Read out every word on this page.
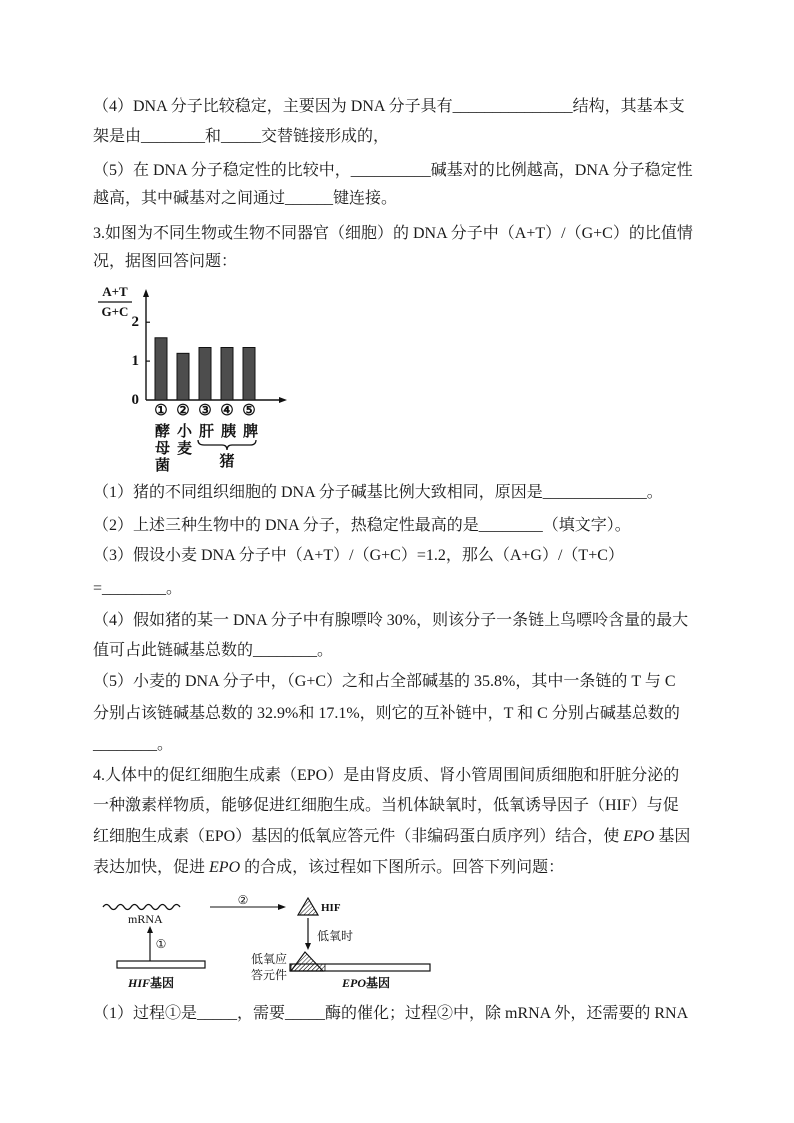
（4）DNA 分子比较稳定，主要因为 DNA 分子具有_______________结构，其基本支
架是由________和_____交替链接形成的，
（5）在 DNA 分子稳定性的比较中，__________碱基对的比例越高，DNA 分子稳定性
越高，其中碱基对之间通过______键连接。
3.如图为不同生物或生物不同器官（细胞）的 DNA 分子中（A+T）/（G+C）的比值情
况，据图回答问题：
A+T
G+C
猪
0
1
2
①
酵母菌
②
小麦
③
肝
④
胰
⑤
脾
（1）猪的不同组织细胞的 DNA 分子碱基比例大致相同，原因是_____________。
（2）上述三种生物中的 DNA 分子，热稳定性最高的是________（填文字）。
（3）假设小麦 DNA 分子中（A+T）/（G+C）=1.2，那么（A+G）/（T+C）
=________。
（4）假如猪的某一 DNA 分子中有腺嘌呤 30%，则该分子一条链上鸟嘌呤含量的最大
值可占此链碱基总数的________。
（5）小麦的 DNA 分子中，（G+C）之和占全部碱基的 35.8%，其中一条链的 T 与 C
分别占该链碱基总数的 32.9%和 17.1%，则它的互补链中，T 和 C 分别占碱基总数的
________。
4.人体中的促红细胞生成素（EPO）是由肾皮质、肾小管周围间质细胞和肝脏分泌的
一种激素样物质，能够促进红细胞生成。当机体缺氧时，低氧诱导因子（HIF）与促
红细胞生成素（EPO）基因的低氧应答元件（非编码蛋白质序列）结合，使 EPO 基因
表达加快，促进 EPO 的合成，该过程如下图所示。回答下列问题：
mRNA
①
HIF基因
②
HIF
低氧时
低氧应
答元件
EPO基因
（1）过程①是_____，需要_____酶的催化；过程②中，除 mRNA 外，还需要的 RNA
